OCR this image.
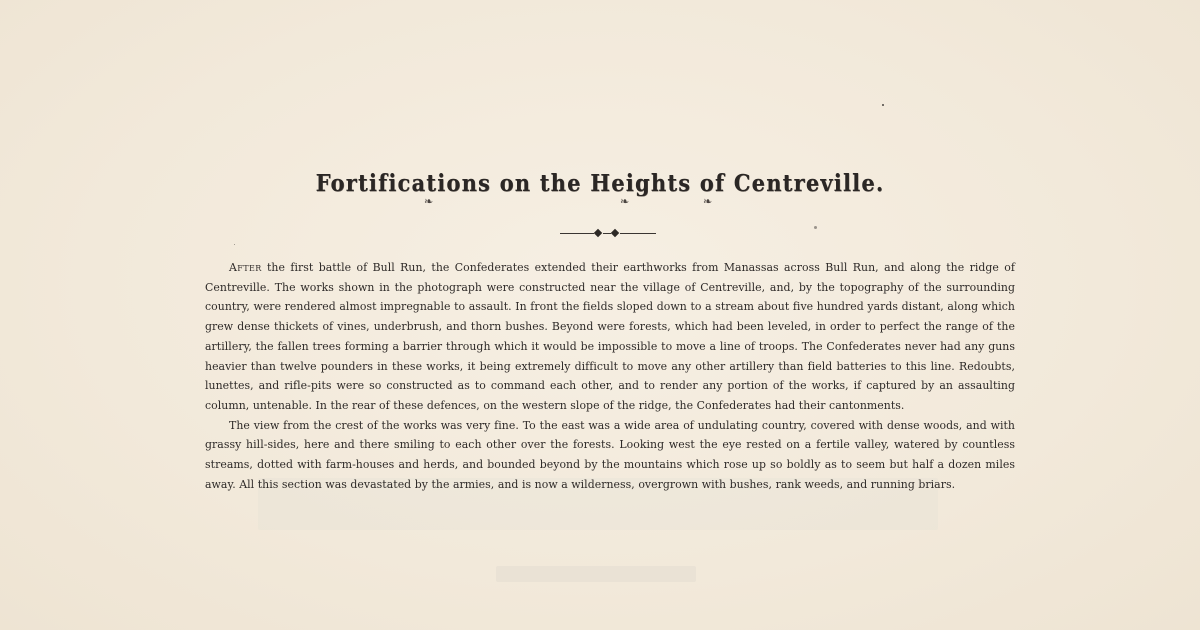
Fortifications on the Heights of Centreville.
❧	❧	❧

After the first battle of Bull Run, the Confederates extended their earthworks from Manassas across Bull Run, and along the ridge of Centreville. The works shown in the photograph were constructed near the village of Centreville, and, by the topography of the surrounding country, were rendered almost impregnable to assault. In front the fields sloped down to a stream about five hundred yards distant, along which grew dense thickets of vines, underbrush, and thorn bushes. Beyond were forests, which had been leveled, in order to perfect the range of the artillery, the fallen trees forming a barrier through which it would be impossible to move a line of troops. The Confederates never had any guns heavier than twelve pounders in these works, it being extremely difficult to move any other artillery than field batteries to this line. Redoubts, lunettes, and rifle-pits were so constructed as to command each other, and to render any portion of the works, if captured by an assaulting column, untenable. In the rear of these defences, on the western slope of the ridge, the Confederates had their cantonments.

The view from the crest of the works was very fine. To the east was a wide area of undulating country, covered with dense woods, and with grassy hill-sides, here and there smiling to each other over the forests. Looking west the eye rested on a fertile valley, watered by countless streams, dotted with farm-houses and herds, and bounded beyond by the mountains which rose up so boldly as to seem but half a dozen miles away. All this section was devastated by the armies, and is now a wilderness, overgrown with bushes, rank weeds, and running briars.
